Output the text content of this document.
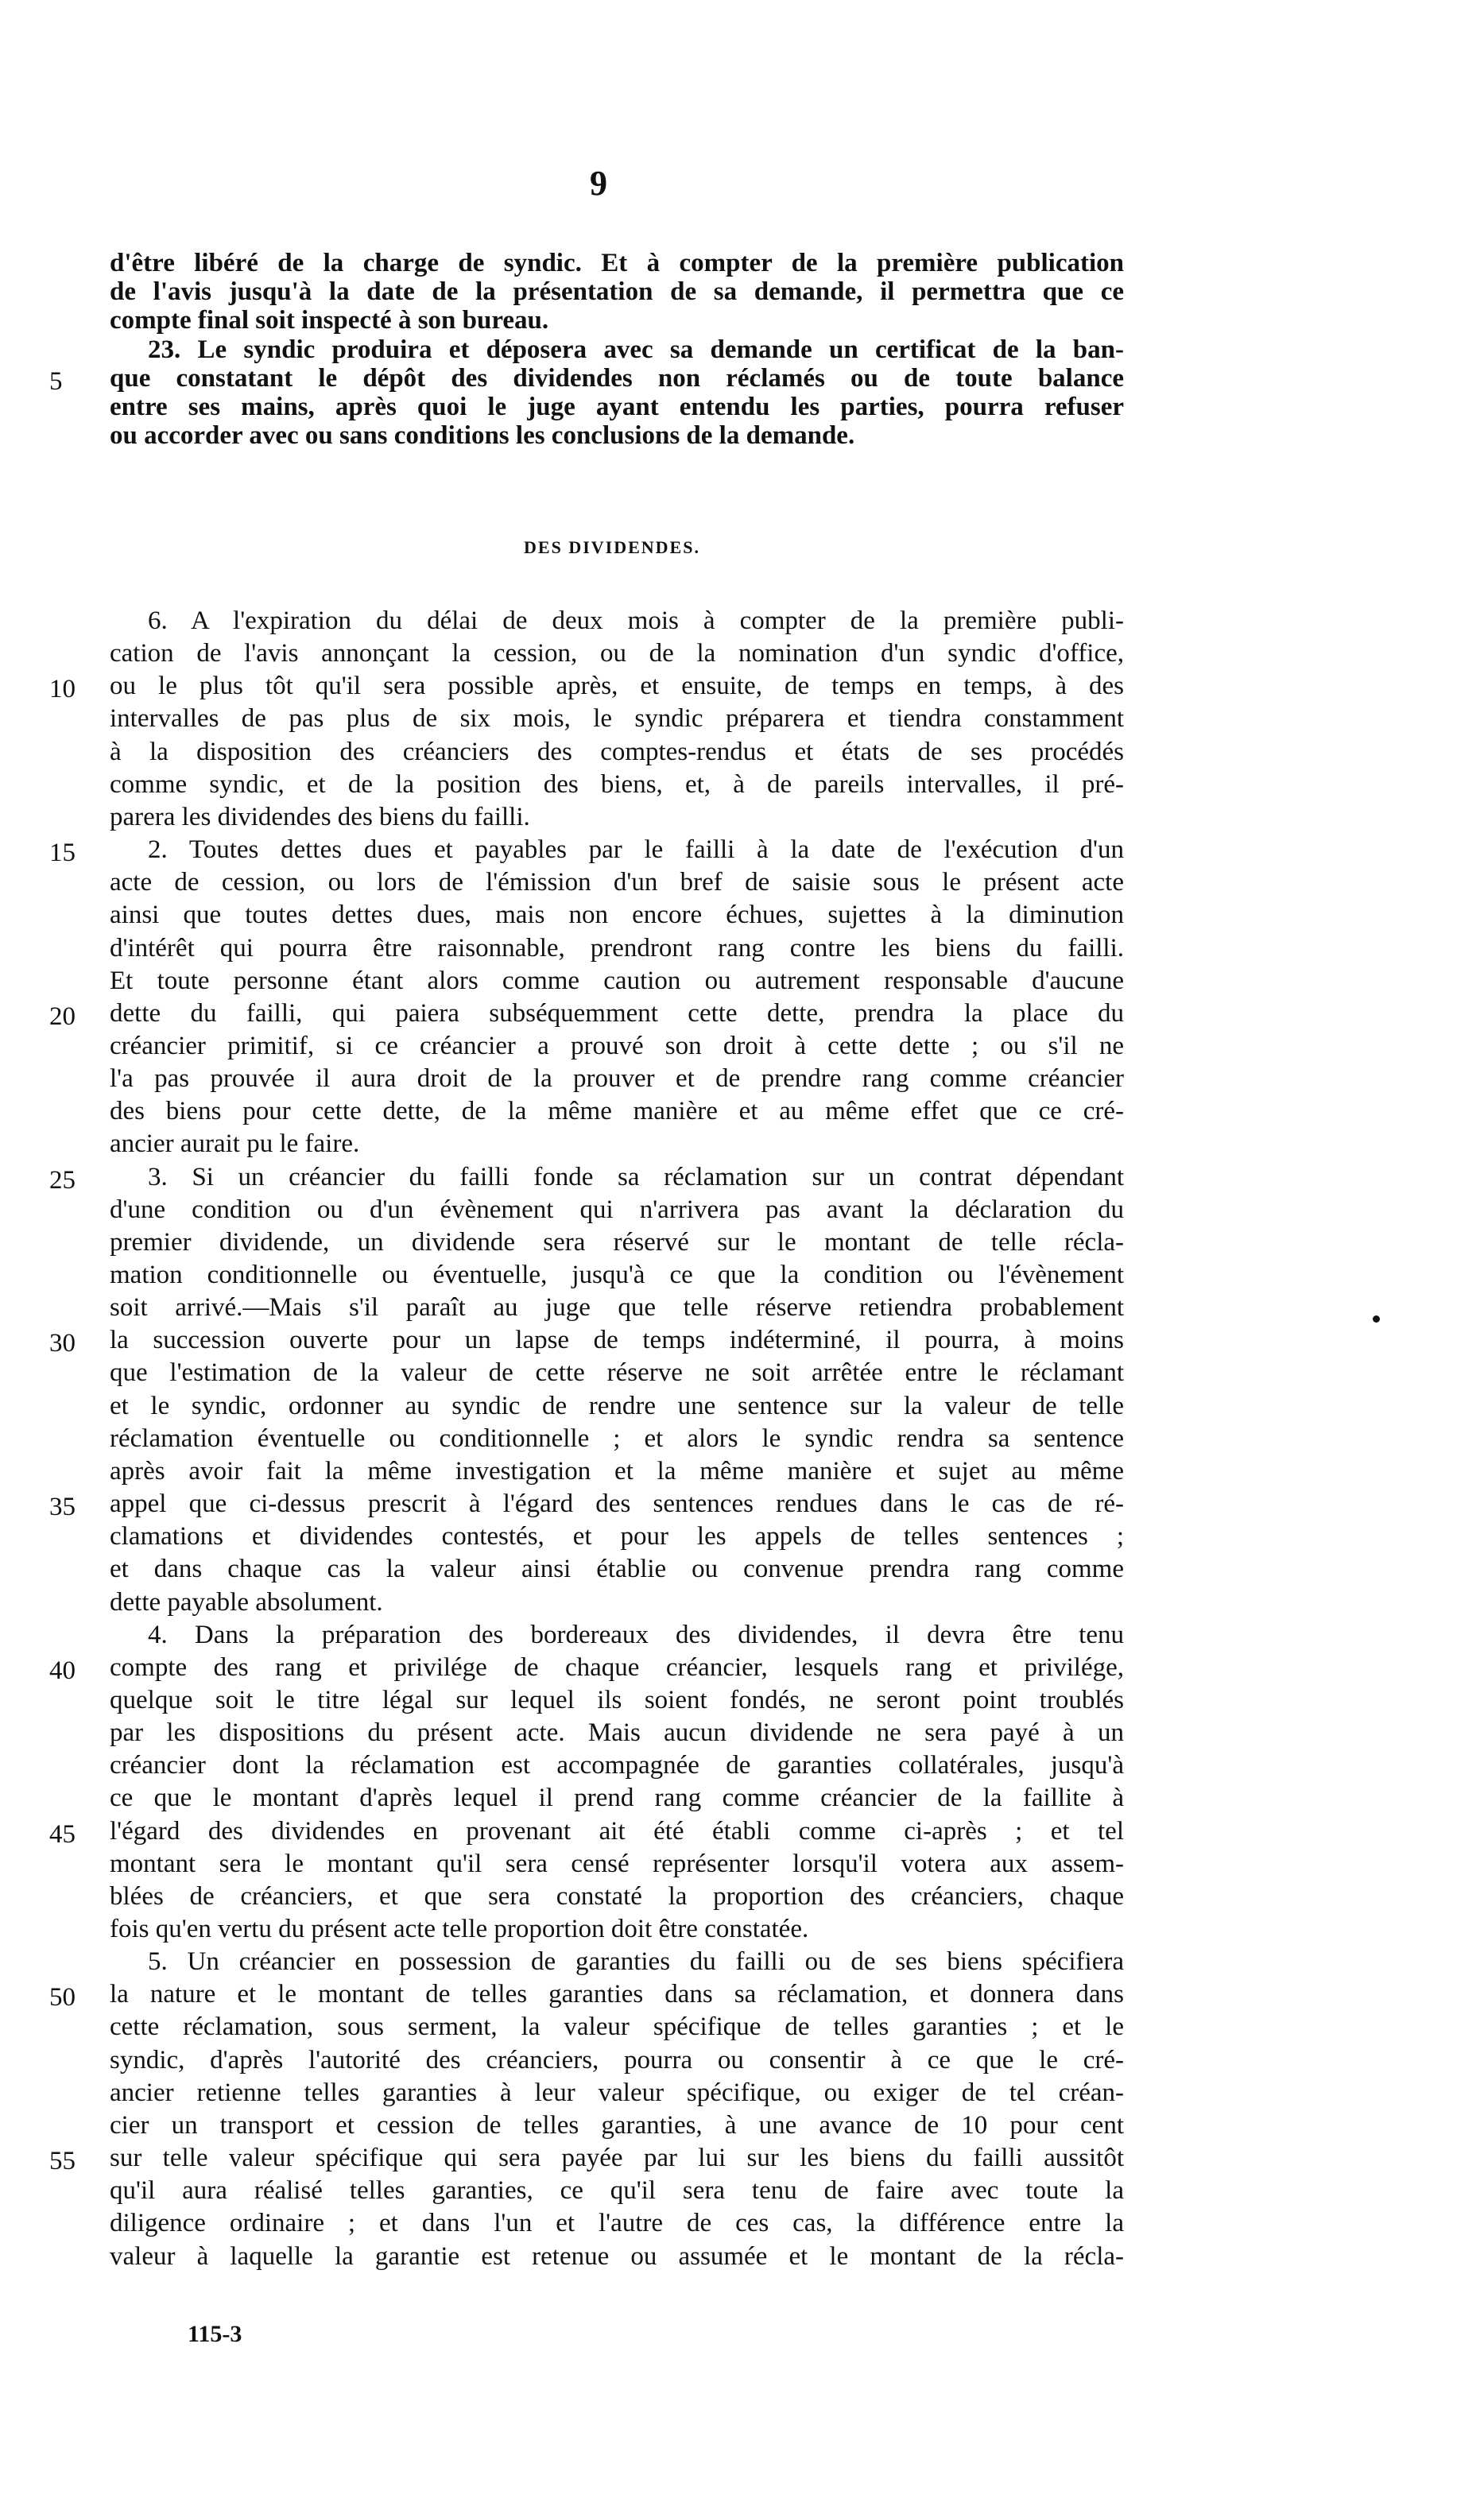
9
DES DIVIDENDES.
d'être libéré de la charge de syndic. Et à compter de la première publication
de l'avis jusqu'à la date de la présentation de sa demande, il permettra que ce
compte final soit inspecté à son bureau.
23. Le syndic produira et déposera avec sa demande un certificat de la ban-
que constatant le dépôt des dividendes non réclamés ou de toute balance
5
entre ses mains, après quoi le juge ayant entendu les parties, pourra refuser
ou accorder avec ou sans conditions les conclusions de la demande.
6. A l'expiration du délai de deux mois à compter de la première publi-
cation de l'avis annonçant la cession, ou de la nomination d'un syndic d'office,
ou le plus tôt qu'il sera possible après, et ensuite, de temps en temps, à des
10
intervalles de pas plus de six mois, le syndic préparera et tiendra constamment
à la disposition des créanciers des comptes-rendus et états de ses procédés
comme syndic, et de la position des biens, et, à de pareils intervalles, il pré-
parera les dividendes des biens du failli.
2. Toutes dettes dues et payables par le failli à la date de l'exécution d'un
15
acte de cession, ou lors de l'émission d'un bref de saisie sous le présent acte
ainsi que toutes dettes dues, mais non encore échues, sujettes à la diminution
d'intérêt qui pourra être raisonnable, prendront rang contre les biens du failli.
Et toute personne étant alors comme caution ou autrement responsable d'aucune
dette du failli, qui paiera subséquemment cette dette, prendra la place du
20
créancier primitif, si ce créancier a prouvé son droit à cette dette ; ou s'il ne
l'a pas prouvée il aura droit de la prouver et de prendre rang comme créancier
des biens pour cette dette, de la même manière et au même effet que ce cré-
ancier aurait pu le faire.
3. Si un créancier du failli fonde sa réclamation sur un contrat dépendant
25
d'une condition ou d'un évènement qui n'arrivera pas avant la déclaration du
premier dividende, un dividende sera réservé sur le montant de telle récla-
mation conditionnelle ou éventuelle, jusqu'à ce que la condition ou l'évènement
soit arrivé.—Mais s'il paraît au juge que telle réserve retiendra probablement
la succession ouverte pour un lapse de temps indéterminé, il pourra, à moins
30
que l'estimation de la valeur de cette réserve ne soit arrêtée entre le réclamant
et le syndic, ordonner au syndic de rendre une sentence sur la valeur de telle
réclamation éventuelle ou conditionnelle ; et alors le syndic rendra sa sentence
après avoir fait la même investigation et la même manière et sujet au même
appel que ci-dessus prescrit à l'égard des sentences rendues dans le cas de ré-
35
clamations et dividendes contestés, et pour les appels de telles sentences ;
et dans chaque cas la valeur ainsi établie ou convenue prendra rang comme
dette payable absolument.
4. Dans la préparation des bordereaux des dividendes, il devra être tenu
compte des rang et privilége de chaque créancier, lesquels rang et privilége,
40
quelque soit le titre légal sur lequel ils soient fondés, ne seront point troublés
par les dispositions du présent acte. Mais aucun dividende ne sera payé à un
créancier dont la réclamation est accompagnée de garanties collatérales, jusqu'à
ce que le montant d'après lequel il prend rang comme créancier de la faillite à
l'égard des dividendes en provenant ait été établi comme ci-après ; et tel
45
montant sera le montant qu'il sera censé représenter lorsqu'il votera aux assem-
blées de créanciers, et que sera constaté la proportion des créanciers, chaque
fois qu'en vertu du présent acte telle proportion doit être constatée.
5. Un créancier en possession de garanties du failli ou de ses biens spécifiera
la nature et le montant de telles garanties dans sa réclamation, et donnera dans
50
cette réclamation, sous serment, la valeur spécifique de telles garanties ; et le
syndic, d'après l'autorité des créanciers, pourra ou consentir à ce que le cré-
ancier retienne telles garanties à leur valeur spécifique, ou exiger de tel créan-
cier un transport et cession de telles garanties, à une avance de 10 pour cent
sur telle valeur spécifique qui sera payée par lui sur les biens du failli aussitôt
55
qu'il aura réalisé telles garanties, ce qu'il sera tenu de faire avec toute la
diligence ordinaire ; et dans l'un et l'autre de ces cas, la différence entre la
valeur à laquelle la garantie est retenue ou assumée et le montant de la récla-
115-3
